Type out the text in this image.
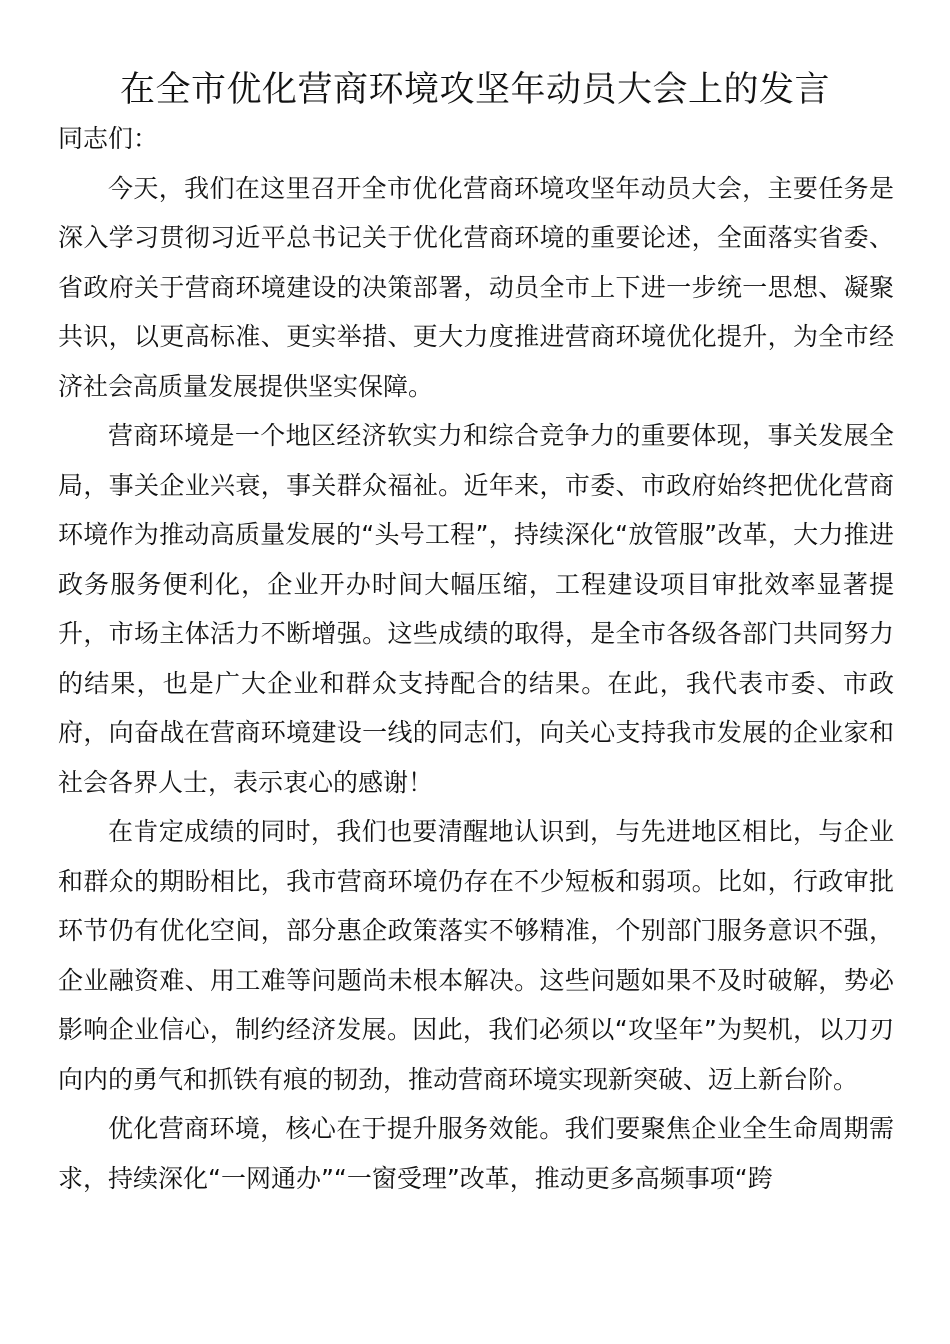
在全市优化营商环境攻坚年动员大会上的发言

同志们：

今天，我们在这里召开全市优化营商环境攻坚年动员大会，主要任务是深入学习贯彻习近平总书记关于优化营商环境的重要论述，全面落实省委、省政府关于营商环境建设的决策部署，动员全市上下进一步统一思想、凝聚共识，以更高标准、更实举措、更大力度推进营商环境优化提升，为全市经济社会高质量发展提供坚实保障。

营商环境是一个地区经济软实力和综合竞争力的重要体现，事关发展全局，事关企业兴衰，事关群众福祉。近年来，市委、市政府始终把优化营商环境作为推动高质量发展的“头号工程”，持续深化“放管服”改革，大力推进政务服务便利化，企业开办时间大幅压缩，工程建设项目审批效率显著提升，市场主体活力不断增强。这些成绩的取得，是全市各级各部门共同努力的结果，也是广大企业和群众支持配合的结果。在此，我代表市委、市政府，向奋战在营商环境建设一线的同志们，向关心支持我市发展的企业家和社会各界人士，表示衷心的感谢！

在肯定成绩的同时，我们也要清醒地认识到，与先进地区相比，与企业和群众的期盼相比，我市营商环境仍存在不少短板和弱项。比如，行政审批环节仍有优化空间，部分惠企政策落实不够精准，个别部门服务意识不强，企业融资难、用工难等问题尚未根本解决。这些问题如果不及时破解，势必影响企业信心，制约经济发展。因此，我们必须以“攻坚年”为契机，以刀刃向内的勇气和抓铁有痕的韧劲，推动营商环境实现新突破、迈上新台阶。

优化营商环境，核心在于提升服务效能。我们要聚焦企业全生命周期需求，持续深化“一网通办”“一窗受理”改革，推动更多高频事项“跨
